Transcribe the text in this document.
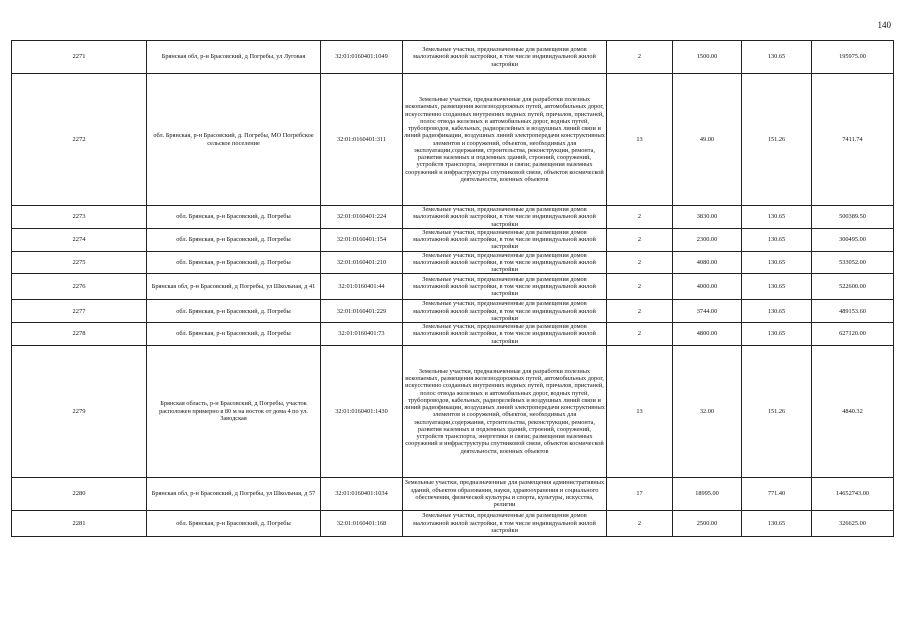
140
2271	Брянская обл, р-н Брасовский, д Погребы, ул Луговая	32:01:0160401:1049	Земельные участки, предназначенные для размещения домов малоэтажной жилой застройки, в том числе индивидуальной жилой застройки	2	1500.00	130.65	195975.00
2272	обл. Брянская, р-н Брасовский, д. Погребы, МО Погребское сельское поселение	32:01:0160401:311	Земельные участки, предназначенные для разработки полезных ископаемых, размещения железнодорожных путей, автомобильных дорог, искусственно созданных внутренних водных путей, причалов, пристаней, полос отвода железных и автомобильных дорог, водных путей, трубопроводов, кабельных, радиорелейных и воздушных линий связи и линий радиофикации, воздушных линий электропередачи конструктивных элементов и сооружений, объектов, необходимых для эксплуатации,содержания, строительства, реконструкции, ремонта, развития наземных и подземных зданий, строений, сооружений, устройств транспорта, энергетики и связи; размещения наземных сооружений и инфраструктуры спутниковой связи, объектов космической деятельности, военных объектов	13	49.00	151.26	7411.74
2273	обл. Брянская, р-н Брасовский, д. Погребы	32:01:0160401:224	Земельные участки, предназначенные для размещения домов малоэтажной жилой застройки, в том числе индивидуальной жилой застройки	2	3830.00	130.65	500389.50
2274	обл. Брянская, р-н Брасовский, д. Погребы	32:01:0160401:154	Земельные участки, предназначенные для размещения домов малоэтажной жилой застройки, в том числе индивидуальной жилой застройки	2	2300.00	130.65	300495.00
2275	обл. Брянская, р-н Брасовский, д. Погребы	32:01:0160401:210	Земельные участки, предназначенные для размещения домов малоэтажной жилой застройки, в том числе индивидуальной жилой застройки	2	4080.00	130.65	533052.00
2276	Брянская обл, р-н Брасовский, д Погребы, ул Школьная, д 41	32:01:0160401:44	Земельные участки, предназначенные для размещения домов малоэтажной жилой застройки, в том числе индивидуальной жилой застройки	2	4000.00	130.65	522600.00
2277	обл. Брянская, р-н Брасовский, д. Погребы	32:01:0160401:229	Земельные участки, предназначенные для размещения домов малоэтажной жилой застройки, в том числе индивидуальной жилой застройки	2	3744.00	130.65	489153.60
2278	обл. Брянская, р-н Брасовский, д. Погребы	32:01:0160401:73	Земельные участки, предназначенные для размещения домов малоэтажной жилой застройки, в том числе индивидуальной жилой застройки	2	4800.00	130.65	627120.00
2279	Брянская область, р-н Брасовский, д Погребы, участок расположен примерно в 80 м на восток от дома 4 по ул. Заводская	32:01:0160401:1430	Земельные участки, предназначенные для разработки полезных ископаемых, размещения железнодорожных путей, автомобильных дорог, искусственно созданных внутренних водных путей, причалов, пристаней, полос отвода железных и автомобильных дорог, водных путей, трубопроводов, кабельных, радиорелейных и воздушных линий связи и линий радиофикации, воздушных линий электропередачи конструктивных элементов и сооружений, объектов, необходимых для эксплуатации,содержания, строительства, реконструкции, ремонта, развития наземных и подземных зданий, строений, сооружений, устройств транспорта, энергетики и связи; размещения наземных сооружений и инфраструктуры спутниковой связи, объектов космической деятельности, военных объектов	13	32.00	151.26	4840.32
2280	Брянская обл, р-н Брасовский, д Погребы, ул Школьная, д 57	32:01:0160401:1034	Земельные участки, предназначенные для размещения административных зданий, объектов образования, науки, здравоохранения и социального обеспечения, физической культуры и спорта, культуры, искусства, религии	17	18995.00	771.40	14652743.00
2281	обл. Брянская, р-н Брасовский, д. Погребы	32:01:0160401:168	Земельные участки, предназначенные для размещения домов малоэтажной жилой застройки, в том числе индивидуальной жилой застройки	2	2500.00	130.65	326625.00
